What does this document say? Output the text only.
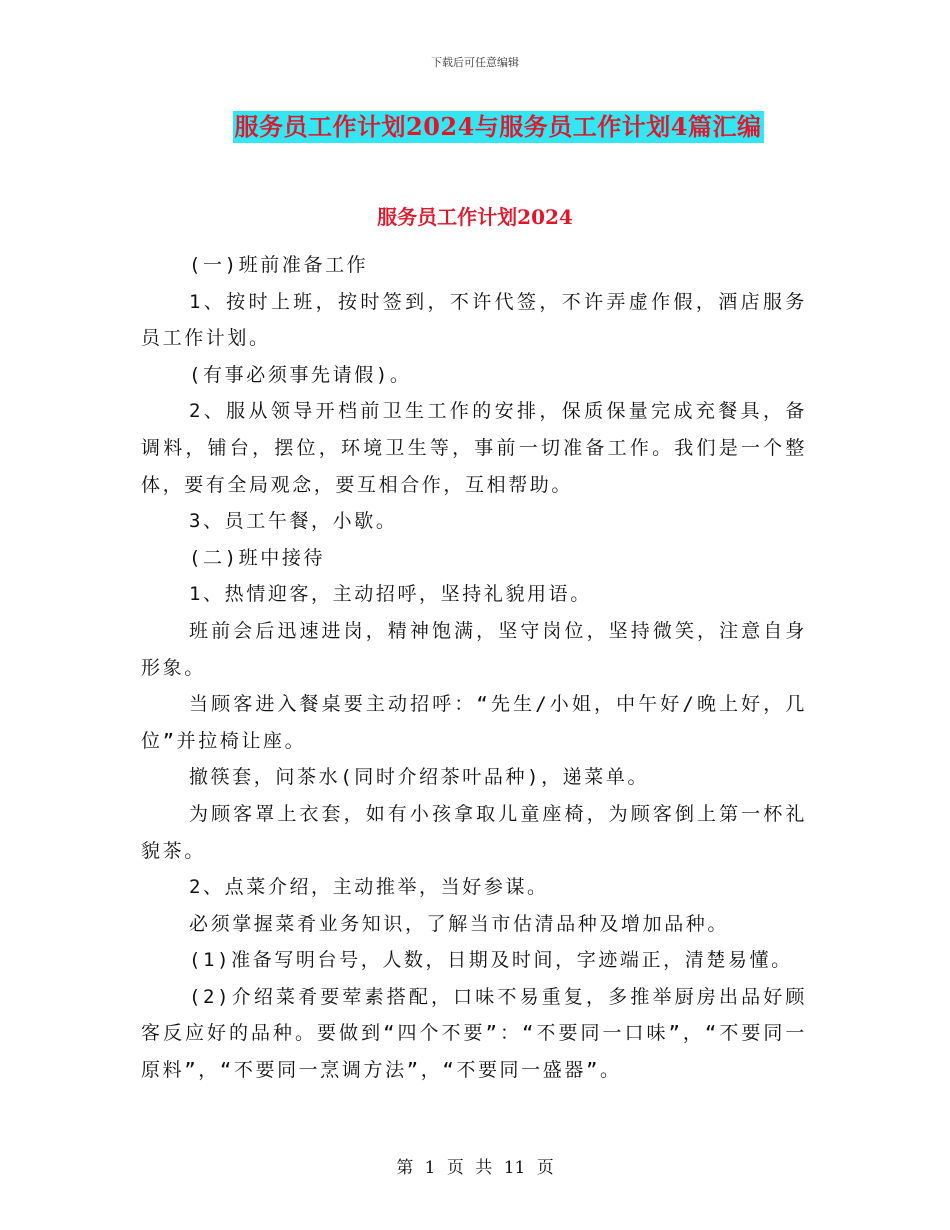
下载后可任意编辑
服务员工作计划2024与服务员工作计划4篇汇编
服务员工作计划2024

(一)班前准备工作

1、按时上班，按时签到，不许代签，不许弄虚作假，酒店服务员工作计划。

(有事必须事先请假)。

2、服从领导开档前卫生工作的安排，保质保量完成充餐具，备调料，铺台，摆位，环境卫生等，事前一切准备工作。我们是一个整体，要有全局观念，要互相合作，互相帮助。

3、员工午餐，小歇。

(二)班中接待

1、热情迎客，主动招呼，坚持礼貌用语。

班前会后迅速进岗，精神饱满，坚守岗位，坚持微笑，注意自身形象。

当顾客进入餐桌要主动招呼：“先生/小姐，中午好/晚上好，几位”并拉椅让座。

撤筷套，问茶水(同时介绍茶叶品种)，递菜单。

为顾客罩上衣套，如有小孩拿取儿童座椅，为顾客倒上第一杯礼貌茶。

2、点菜介绍，主动推举，当好参谋。

必须掌握菜肴业务知识，了解当市估清品种及增加品种。

(1)准备写明台号，人数，日期及时间，字迹端正，清楚易懂。

(2)介绍菜肴要荤素搭配，口味不易重复，多推举厨房出品好顾客反应好的品种。要做到“四个不要”：“不要同一口味”，“不要同一原料”，“不要同一烹调方法”，“不要同一盛器”。

第 1 页 共 11 页
